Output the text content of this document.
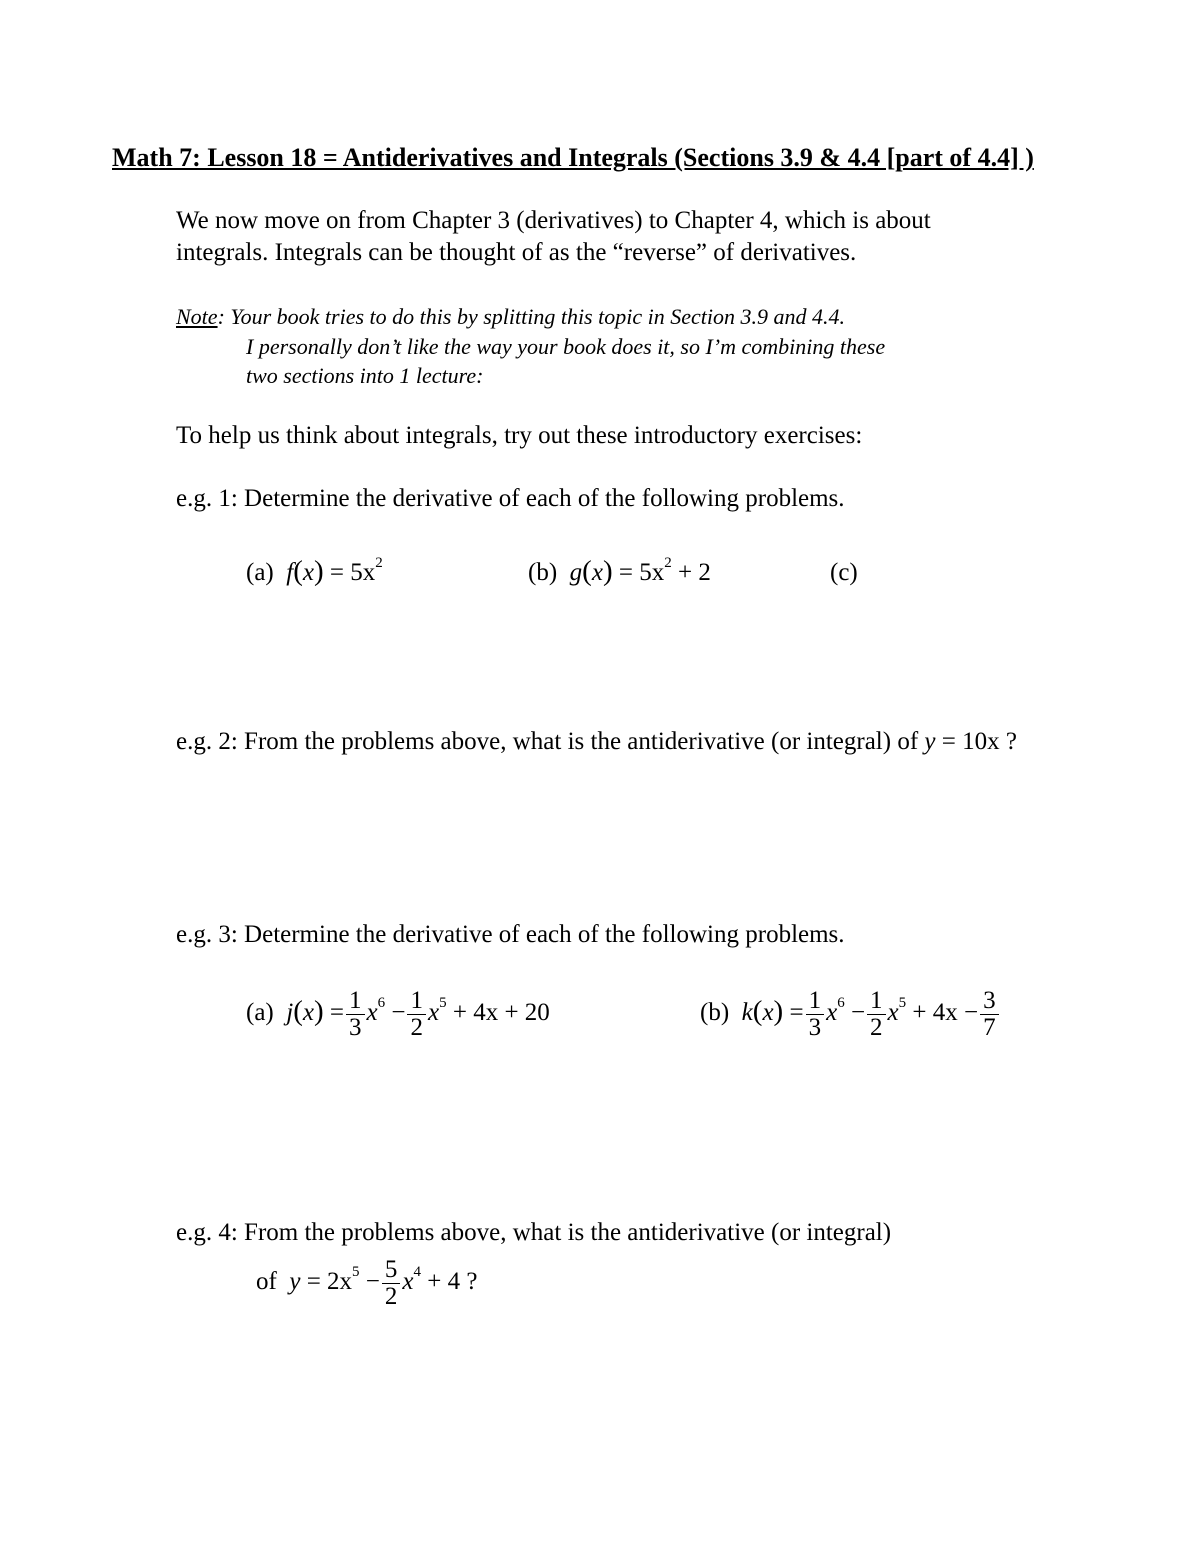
Math 7: Lesson 18 = Antiderivatives and Integrals (Sections 3.9 & 4.4 [part of 4.4] )
We now move on from Chapter 3 (derivatives) to Chapter 4, which is about
integrals. Integrals can be thought of as the “reverse” of derivatives.
Note: Your book tries to do this by splitting this topic in Section 3.9 and 4.4.
I personally don’t like the way your book does it, so I’m combining these
two sections into 1 lecture:
To help us think about integrals, try out these introductory exercises:
e.g. 1: Determine the derivative of each of the following problems.
(a) $f(x) = 5x^2$	(b) $g(x) = 5x^2 + 2$	(c)
e.g. 2: From the problems above, what is the antiderivative (or integral) of y = 10x ?
e.g. 3: Determine the derivative of each of the following problems.
(a) $j(x) = \frac{1}{3} x^6 - \frac{1}{2} x^5 + 4x + 20$	(b) $k(x) = \frac{1}{3} x^6 - \frac{1}{2} x^5 + 4x - \frac{3}{7}$
e.g. 4: From the problems above, what is the antiderivative (or integral)
of $y = 2x^5 - \frac{5}{2} x^4 + 4$ ?
